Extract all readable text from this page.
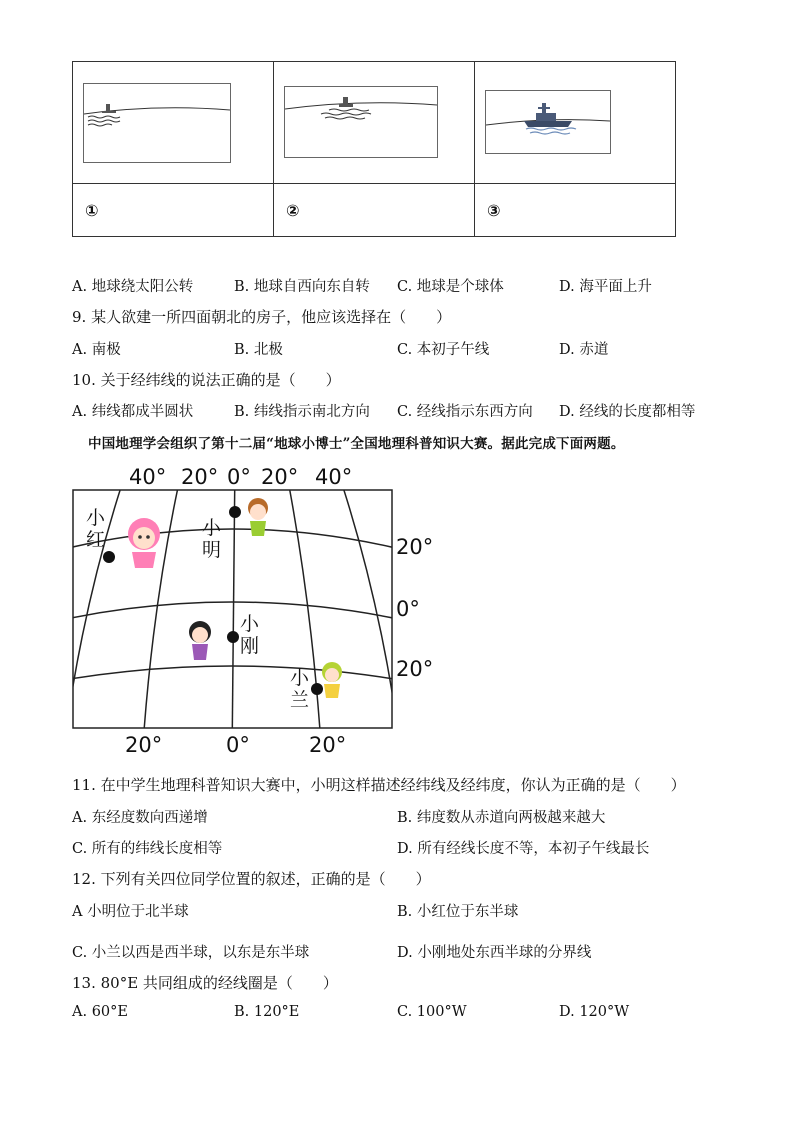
①	②	③
A. 地球绕太阳公转	B. 地球自西向东自转 C. 地球是个球体	D. 海平面上升
9. 某人欲建一所四面朝北的房子，他应该选择在（　　）
A. 南极	B. 北极	C. 本初子午线	D. 赤道
10. 关于经纬线的说法正确的是（　　）
A. 纬线都成半圆状	B. 纬线指示南北方向 C. 经线指示东西方向 D. 经线的长度都相等
中国地理学会组织了第十二届“地球小博士”全国地理科普知识大赛。据此完成下面两题。
40° 20° 0° 20° 40°
20°
0°
20°
20°	0°	20°
小
红
小
明
小
刚
小
兰
11. 在中学生地理科普知识大赛中，小明这样描述经纬线及经纬度，你认为正确的是（　　）
A. 东经度数向西递增	B. 纬度数从赤道向两极越来越大
C. 所有的纬线长度相等	D. 所有经线长度不等，本初子午线最长
12. 下列有关四位同学位置的叙述，正确的是（　　）
A 小明位于北半球	B. 小红位于东半球
C. 小兰以西是西半球，以东是东半球	D. 小刚地处东西半球的分界线
13. 80°E 共同组成的经线圈是（　　）
A. 60°E	B. 120°E	C. 100°W	D. 120°W
